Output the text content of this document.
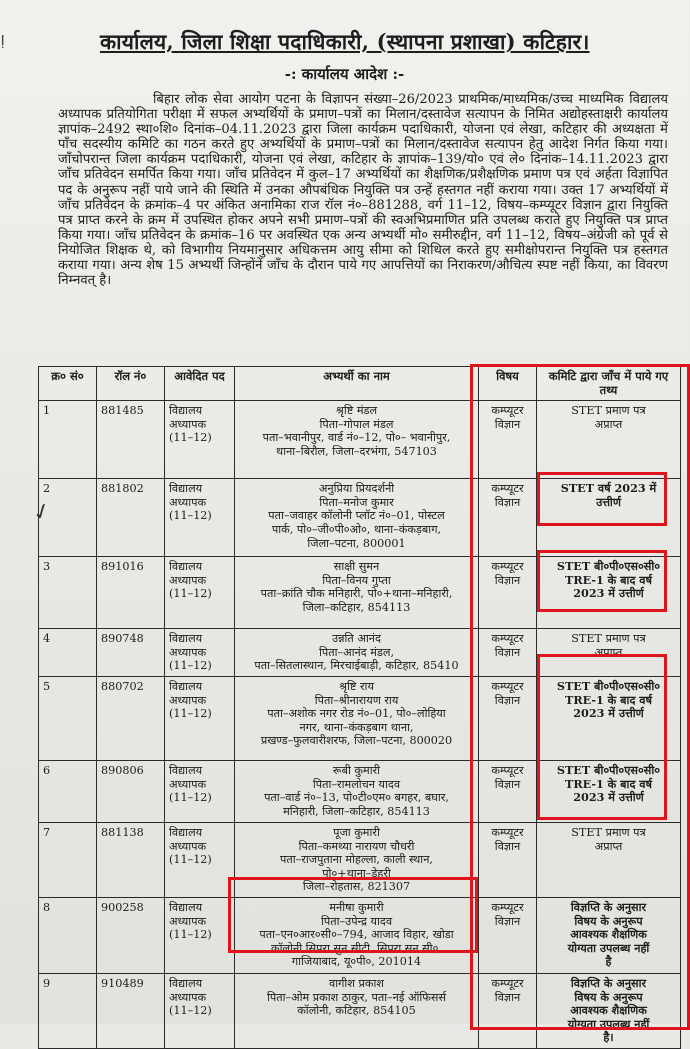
ǃ	कार्यालय, जिला शिक्षा पदाधिकारी, (स्थापना प्रशाखा) कटिहार।
-: कार्यालय आदेश :-

बिहार लोक सेवा आयोग पटना के विज्ञापन संख्या–26/2023 प्राथमिक/माध्यमिक/उच्च माध्यमिक विद्यालय अध्यापक प्रतियोगिता परीक्षा में सफल अभ्यर्थियों के प्रमाण–पत्रों का मिलान/दस्तावेज सत्यापन के निमित अद्योहस्ताक्षरी कार्यालय ज्ञापांक–2492 स्था०शि० दिनांक–04.11.2023 द्वारा जिला कार्यक्रम पदाधिकारी, योजना एवं लेखा, कटिहार की अध्यक्षता में पाँच सदस्यीय कमिटि का गठन करते हुए अभ्यर्थियों के प्रमाण–पत्रों का मिलान/दस्तावेज सत्यापन हेतु आदेश निर्गत किया गया। जाँचोपरान्त जिला कार्यक्रम पदाधिकारी, योजना एवं लेखा, कटिहार के ज्ञापांक–139/यो० एवं ले० दिनांक–14.11.2023 द्वारा जाँच प्रतिवेदन समर्पित किया गया। जाँच प्रतिवेदन में कुल–17 अभ्यर्थियों का शैक्षणिक/प्रशैक्षणिक प्रमाण पत्र एवं अर्हता विज्ञापित पद के अनुरूप नहीं पाये जाने की स्थिति में उनका औपबंधिक नियुक्ति पत्र उन्हें हस्तगत नहीं कराया गया। उक्त 17 अभ्यर्थियों में जाँच प्रतिवेदन के क्रमांक–4 पर अंकित अनामिका राज रॉल नं०–881288, वर्ग 11–12, विषय–कम्प्यूटर विज्ञान द्वारा नियुक्ति पत्र प्राप्त करने के क्रम में उपस्थित होकर अपने सभी प्रमाण–पत्रों की स्वअभिप्रमाणित प्रति उपलब्ध कराते हुए नियुक्ति पत्र प्राप्त किया गया। जाँच प्रतिवेदन के क्रमांक–16 पर अवस्थित एक अन्य अभ्यर्थी मो० समीरुद्दीन, वर्ग 11–12, विषय–अंग्रेजी को पूर्व से नियोजित शिक्षक थे, को विभागीय नियमानुसार अधिकत्तम आयु सीमा को शिथिल करते हुए समीक्षोपरान्त नियुक्ति पत्र हस्तगत कराया गया। अन्य शेष 15 अभ्यर्थी जिन्होंनें जाँच के दौरान पाये गए आपत्तियों का निराकरण/औचित्य स्पष्ट नहीं किया, का विवरण निम्नवत् है।

क्र० सं०	रॉल नं०	आवेदित पद	अभ्यर्थी का नाम	विषय	कमिटि द्वारा जाँच में पाये गए तथ्य
1	881485	विद्यालय
अध्यापक
(11–12)	श्रृष्टि मंडल
पिता–गोपाल मंडल
पता–भवानीपुर, वार्ड नं०–12, पो०– भवानीपुर,
थाना–बिरौल, जिला–दरभंगा, 547103	कम्प्यूटर
विज्ञान	STET प्रमाण पत्र
अप्राप्त

2	881802	विद्यालय
अध्यापक
(11–12)	अनुप्रिया प्रियदर्शनी
पिता–मनोज कुमार
पता–जवाहर कॉलोनी प्लॉट नं०–01, पोस्टल
पार्क, पो०–जी०पी०ओ०, थाना–कंकड़बाग,
जिला–पटना, 800001	कम्प्यूटर
विज्ञान	STET वर्ष 2023 में
उत्तीर्ण

3	891016	विद्यालय
अध्यापक
(11–12)	साक्षी सुमन
पिता–विनय गुप्ता
पता–क्रांति चौक मनिहारी, पो०+थाना–मनिहारी,
जिला–कटिहार, 854113	कम्प्यूटर
विज्ञान	STET बी०पी०एस०सी०
TRE-1 के बाद वर्ष
2023 में उत्तीर्ण

4	890748	विद्यालय
अध्यापक
(11–12)	उन्नति आनंद
पिता–आनंद मंडल,
पता–सितलास्थान, मिरचाईबाड़ी, कटिहार, 85410	कम्प्यूटर
विज्ञान	STET प्रमाण पत्र
अप्राप्त

5	880702	विद्यालय
अध्यापक
(11–12)	श्रृष्टि राय
पिता–श्रीनारायण राय
पता–अशोक नगर रोड नं०–01, पो०–लोहिया
नगर, थाना–कंकड़बाग थाना,
प्रखण्ड–फुलवारीशरफ, जिला–पटना, 800020	कम्प्यूटर
विज्ञान	STET बी०पी०एस०सी०
TRE-1 के बाद वर्ष
2023 में उत्तीर्ण

6	890806	विद्यालय
अध्यापक
(11–12)	रूबी कुमारी
पिता–रामलोचन यादव
पता–वार्ड नं०–13, पो०टी०एम० बगहर, बघार,
मनिहारी, जिला–कटिहार, 854113	कम्प्यूटर
विज्ञान	STET बी०पी०एस०सी०
TRE-1 के बाद वर्ष
2023 में उत्तीर्ण

7	881138	विद्यालय
अध्यापक
(11–12)	पूजा कुमारी
पिता–कमथ्या नारायण चौधरी
पता–राजपुताना मोहल्ला, काली स्थान,
पो०+थाना–डेहरी
जिला–रोहतास, 821307	कम्प्यूटर
विज्ञान	STET प्रमाण पत्र
अप्राप्त

8	900258	विद्यालय
अध्यापक
(11–12)	मनीषा कुमारी
पिता–उपेन्द्र यादव
पता–एन०आर०सी०–794, आजाद विहार, खोडा
कॉलोनी सिपरा सुन सीटी, सिपरा सन सी०,
गाजियाबाद, यू०पी०, 201014	कम्प्यूटर
विज्ञान	विज्ञप्ति के अनुसार
विषय के अनुरूप
आवश्यक शैक्षणिक
योग्यता उपलब्ध नहीं
है

9	910489	विद्यालय
अध्यापक
(11–12)	वागीश प्रकाश
पिता–ओम प्रकाश ठाकुर, पता–नई ऑफिसर्स
कॉलोनी, कटिहार, 854105	कम्प्यूटर
विज्ञान	विज्ञप्ति के अनुसार
विषय के अनुरूप
आवश्यक शैक्षणिक
योग्यता उपलब्ध नहीं
है।
✓
